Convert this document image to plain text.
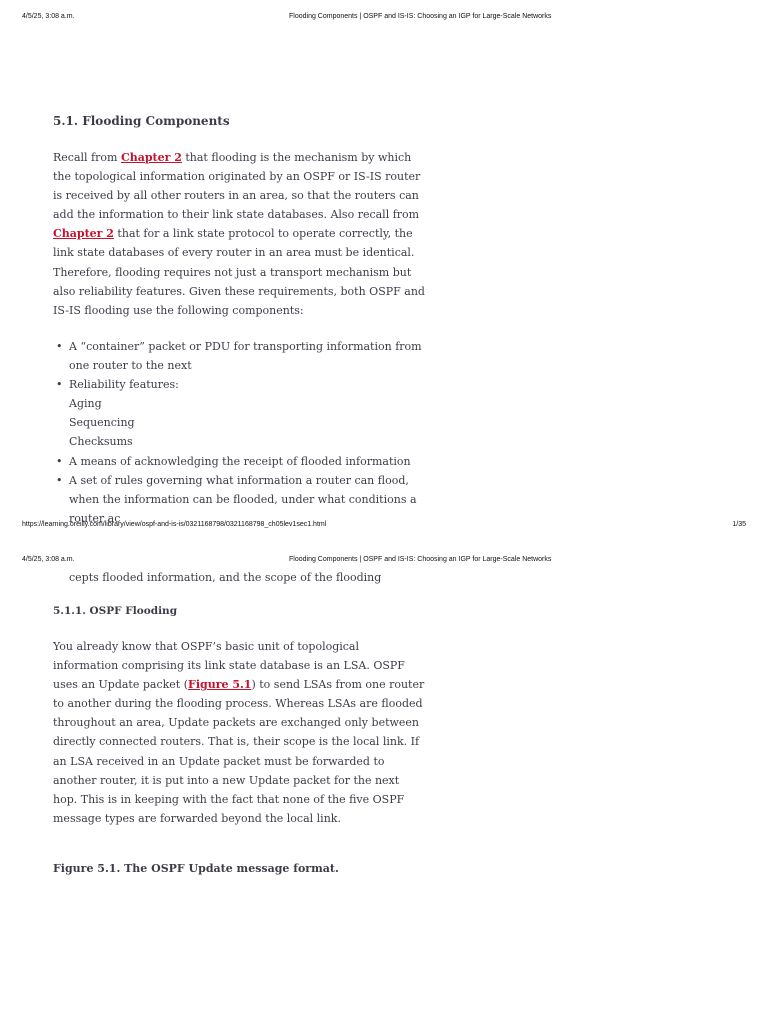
4/5/25, 3:08 a.m.	Flooding Components | OSPF and IS-IS: Choosing an IGP for Large-Scale Networks
5.1. Flooding Components
Recall from Chapter 2 that flooding is the mechanism by which the topological information originated by an OSPF or IS-IS router is received by all other routers in an area, so that the routers can add the information to their link state databases. Also recall from Chapter 2 that for a link state protocol to operate correctly, the link state databases of every router in an area must be identical. Therefore, flooding requires not just a transport mechanism but also reliability features. Given these requirements, both OSPF and IS-IS flooding use the following components:
• A “container” packet or PDU for transporting information from one router to the next
• Reliability features:
Aging
Sequencing
Checksums
• A means of acknowledging the receipt of flooded information
• A set of rules governing what information a router can flood, when the information can be flooded, under what conditions a router ac
https://learning.oreilly.com/library/view/ospf-and-is-is/0321168798/0321168798_ch05lev1sec1.html	1/35
4/5/25, 3:08 a.m.	Flooding Components | OSPF and IS-IS: Choosing an IGP for Large-Scale Networks
cepts flooded information, and the scope of the flooding
5.1.1. OSPF Flooding
You already know that OSPF’s basic unit of topological information comprising its link state database is an LSA. OSPF uses an Update packet (Figure 5.1) to send LSAs from one router to another during the flooding process. Whereas LSAs are flooded throughout an area, Update packets are exchanged only between directly connected routers. That is, their scope is the local link. If an LSA received in an Update packet must be forwarded to another router, it is put into a new Update packet for the next hop. This is in keeping with the fact that none of the five OSPF message types are forwarded beyond the local link.
Figure 5.1. The OSPF Update message format.
